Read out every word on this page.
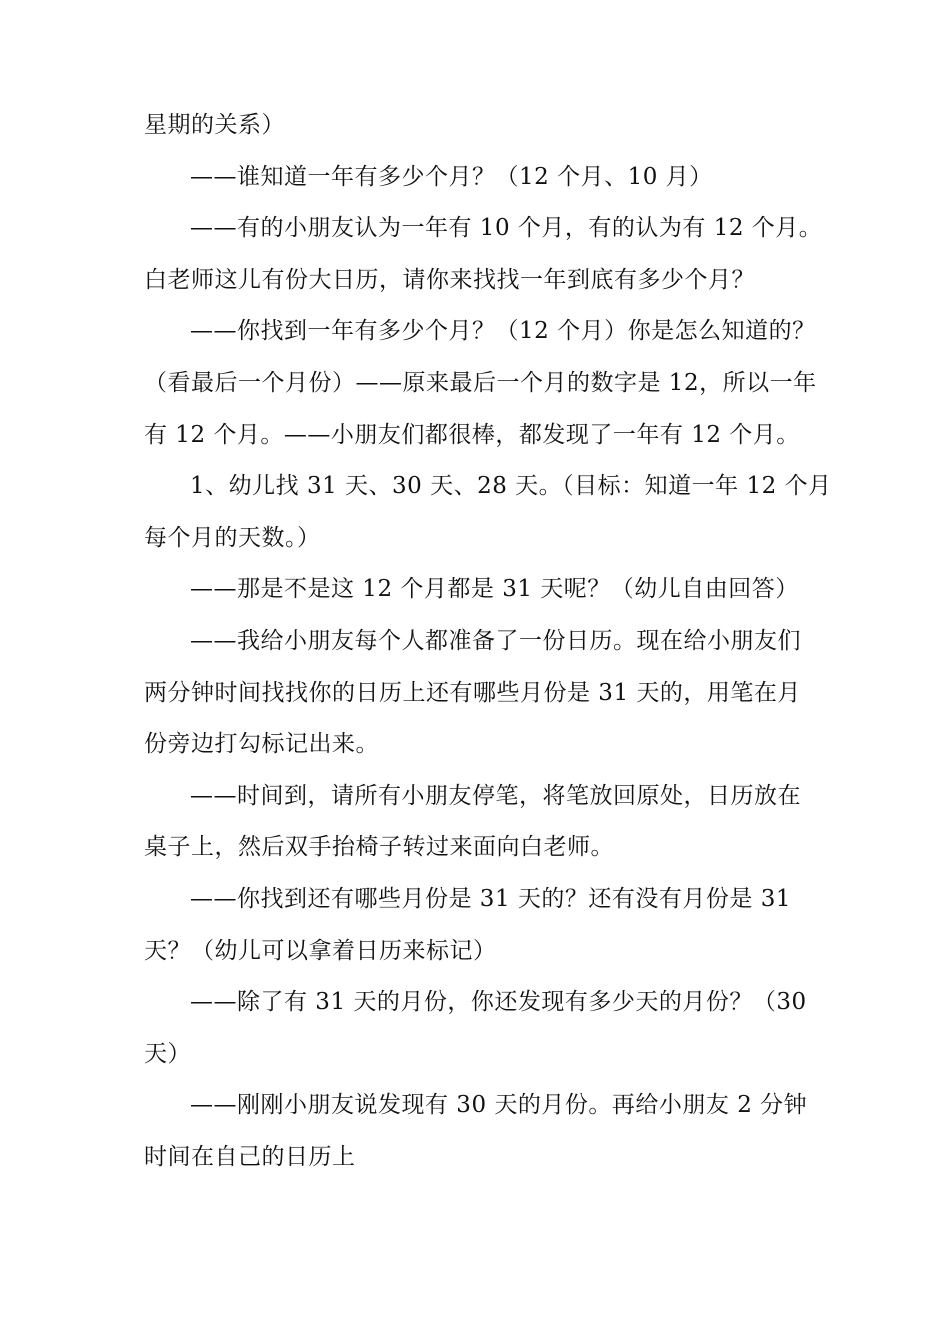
星期的关系）
——谁知道一年有多少个月？（12 个月、10 月）
——有的小朋友认为一年有 10 个月，有的认为有 12 个月。
白老师这儿有份大日历，请你来找找一年到底有多少个月？
——你找到一年有多少个月？（12 个月）你是怎么知道的？
（看最后一个月份）——原来最后一个月的数字是 12，所以一年
有 12 个月。——小朋友们都很棒，都发现了一年有 12 个月。
1、幼儿找 31 天、30 天、28 天。（目标：知道一年 12 个月
每个月的天数。）
——那是不是这 12 个月都是 31 天呢？（幼儿自由回答）
——我给小朋友每个人都准备了一份日历。现在给小朋友们
两分钟时间找找你的日历上还有哪些月份是 31 天的，用笔在月
份旁边打勾标记出来。
——时间到，请所有小朋友停笔，将笔放回原处，日历放在
桌子上，然后双手抬椅子转过来面向白老师。
——你找到还有哪些月份是 31 天的？还有没有月份是 31
天？（幼儿可以拿着日历来标记）
——除了有 31 天的月份，你还发现有多少天的月份？（30
天）
——刚刚小朋友说发现有 30 天的月份。再给小朋友 2 分钟
时间在自己的日历上
